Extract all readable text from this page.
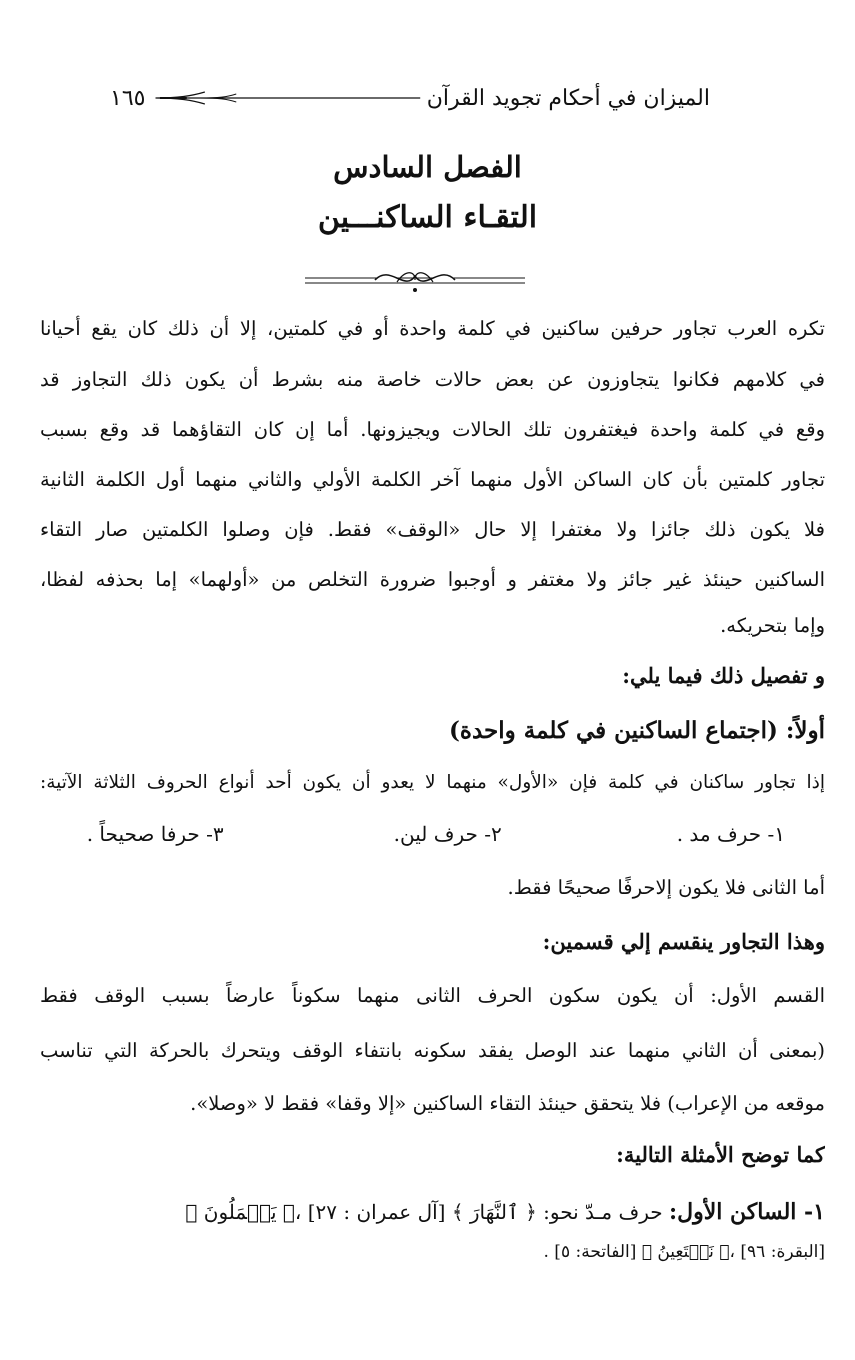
الميزان في أحكام تجويد القرآن
١٦٥
الفصل السادس
التقـاء الساكنـــين
تكره العرب تجاور حرفين ساكنين في كلمة واحدة أو في كلمتين، إلا أن ذلك كان يقع أحيانا
في كلامهم فكانوا يتجاوزون عن بعض حالات خاصة منه بشرط أن يكون ذلك التجاوز قد
وقع في كلمة واحدة فيغتفرون تلك الحالات ويجيزونها. أما إن كان التقاؤهما قد وقع بسبب
تجاور كلمتين بأن كان الساكن الأول منهما آخر الكلمة الأولي والثاني منهما أول الكلمة الثانية
فلا يكون ذلك جائزا ولا مغتفرا إلا حال «الوقف» فقط. فإن وصلوا الكلمتين صار التقاء
الساكنين حينئذ غير جائز ولا مغتفر و أوجبوا ضرورة التخلص من «أولهما» إما بحذفه لفظا،
وإما بتحريكه.
و تفصيل ذلك فيما يلي:
أولاً: (اجتماع الساكنين في كلمة واحدة)
إذا تجاور ساكنان في كلمة فإن «الأول» منهما لا يعدو أن يكون أحد أنواع الحروف الثلاثة الآتية:
١- حرف مد .
٢- حرف لين.
٣- حرفا صحيحاً .
أما الثانى فلا يكون إلاحرفًا صحيحًا فقط.
وهذا التجاور ينقسم إلي قسمين:
القسم الأول: أن يكون سكون الحرف الثانى منهما سكوناً عارضاً بسبب الوقف فقط
(بمعنى أن الثاني منهما عند الوصل يفقد سكونه بانتفاء الوقف ويتحرك بالحركة التي تناسب
موقعه من الإعراب) فلا يتحقق حينئذ التقاء الساكنين «إلا وقفا» فقط لا «وصلا».
كما توضح الأمثلة التالية:
١- الساكن الأول: حرف مـدّ نحو: ﴿ ٱلنَّهَارَ ﴾ [آل عمران : ٢٧] ،﴿ يَعۡمَلُونَ ﴾
[البقرة: ٩٦] ،﴿ نَسۡتَعِينُ ﴾ [الفاتحة: ٥] .
